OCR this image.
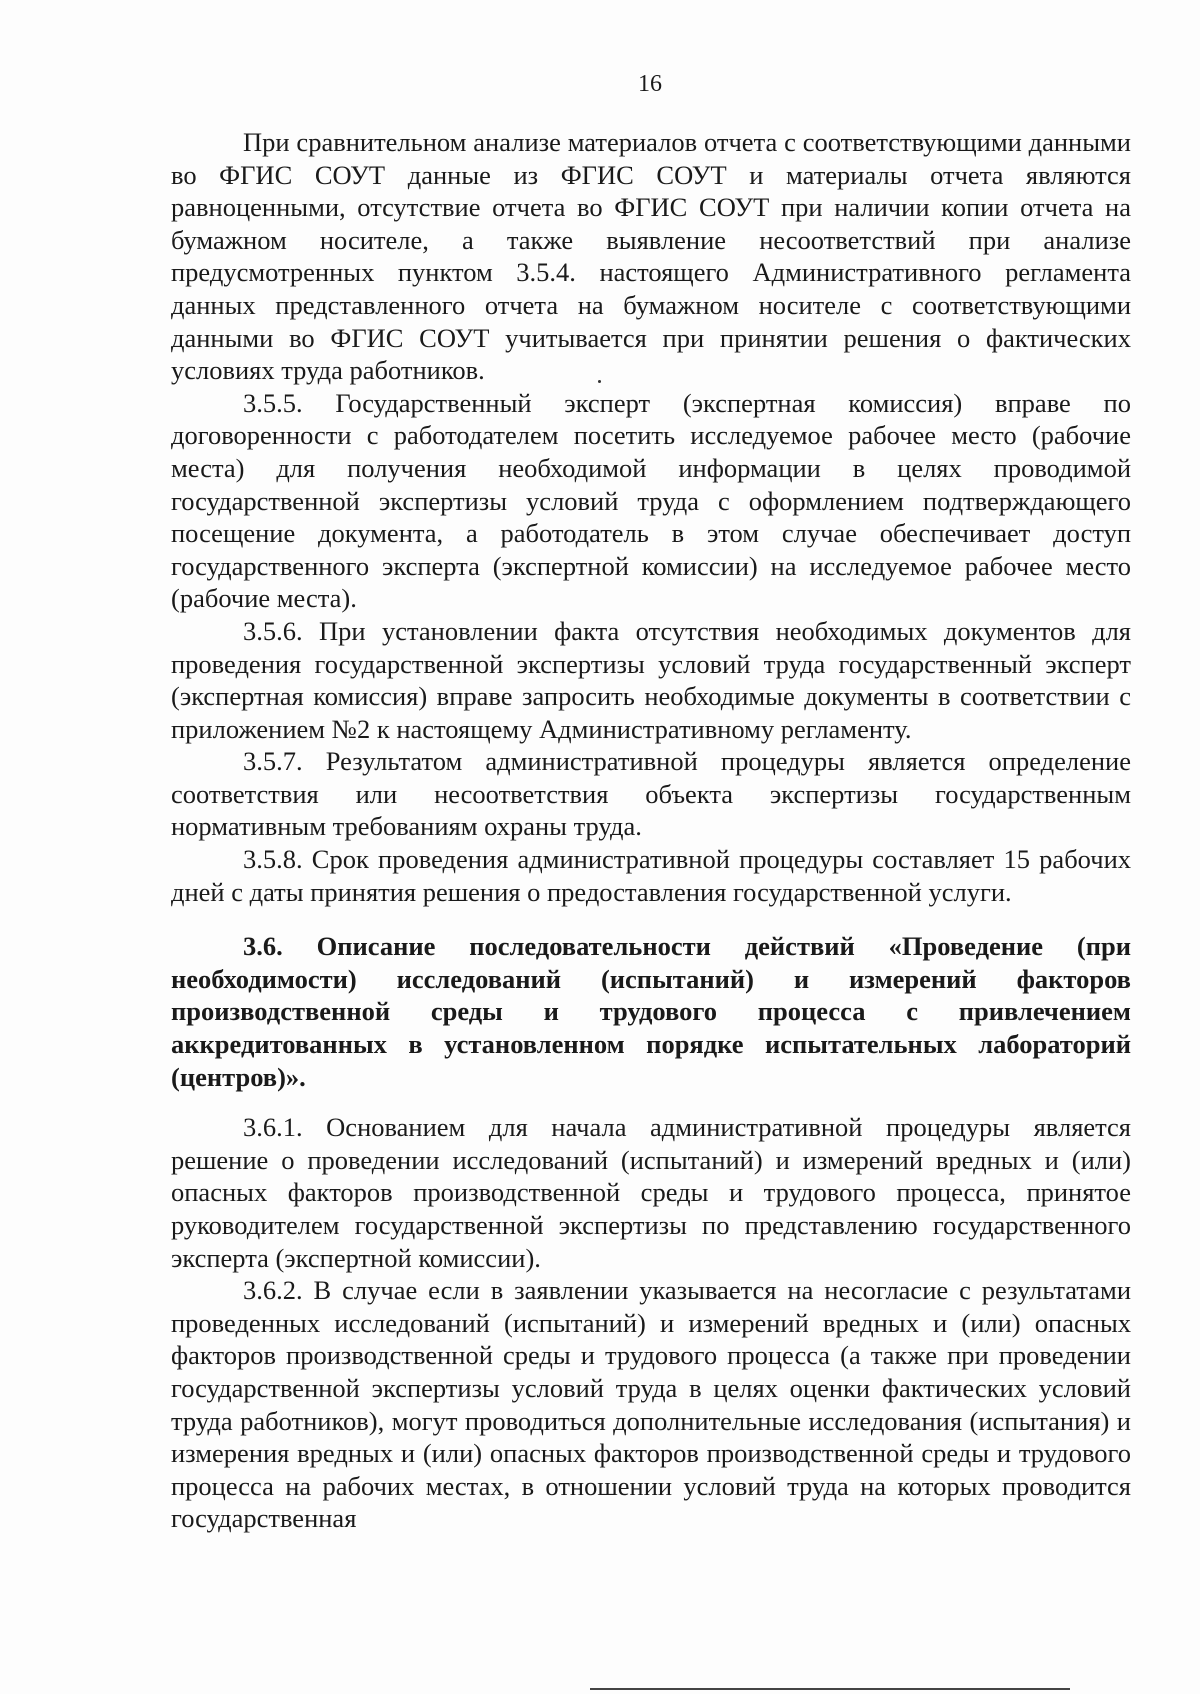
16

При сравнительном анализе материалов отчета с соответствующими данными во ФГИС СОУТ данные из ФГИС СОУТ и материалы отчета являются равноценными, отсутствие отчета во ФГИС СОУТ при наличии копии отчета на бумажном носителе, а также выявление несоответствий при анализе предусмотренных пунктом 3.5.4. настоящего Административного регламента данных представленного отчета на бумажном носителе с соответствующими данными во ФГИС СОУТ учитывается при принятии решения о фактических условиях труда работников.

3.5.5. Государственный эксперт (экспертная комиссия) вправе по договоренности с работодателем посетить исследуемое рабочее место (рабочие места) для получения необходимой информации в целях проводимой государственной экспертизы условий труда с оформлением подтверждающего посещение документа, а работодатель в этом случае обеспечивает доступ государственного эксперта (экспертной комиссии) на исследуемое рабочее место (рабочие места).

3.5.6. При установлении факта отсутствия необходимых документов для проведения государственной экспертизы условий труда государственный эксперт (экспертная комиссия) вправе запросить необходимые документы в соответствии с приложением №2 к настоящему Административному регламенту.

3.5.7. Результатом административной процедуры является определение соответствия или несоответствия объекта экспертизы государственным нормативным требованиям охраны труда.

3.5.8. Срок проведения административной процедуры составляет 15 рабочих дней с даты принятия решения о предоставления государственной услуги.

3.6. Описание последовательности действий «Проведение (при необходимости) исследований (испытаний) и измерений факторов производственной среды и трудового процесса с привлечением аккредитованных в установленном порядке испытательных лабораторий (центров)».

3.6.1. Основанием для начала административной процедуры является решение о проведении исследований (испытаний) и измерений вредных и (или) опасных факторов производственной среды и трудового процесса, принятое руководителем государственной экспертизы по представлению государственного эксперта (экспертной комиссии).

3.6.2. В случае если в заявлении указывается на несогласие с результатами проведенных исследований (испытаний) и измерений вредных и (или) опасных факторов производственной среды и трудового процесса (а также при проведении государственной экспертизы условий труда в целях оценки фактических условий труда работников), могут проводиться дополнительные исследования (испытания) и измерения вредных и (или) опасных факторов производственной среды и трудового процесса на рабочих местах, в отношении условий труда на которых проводится государственная
